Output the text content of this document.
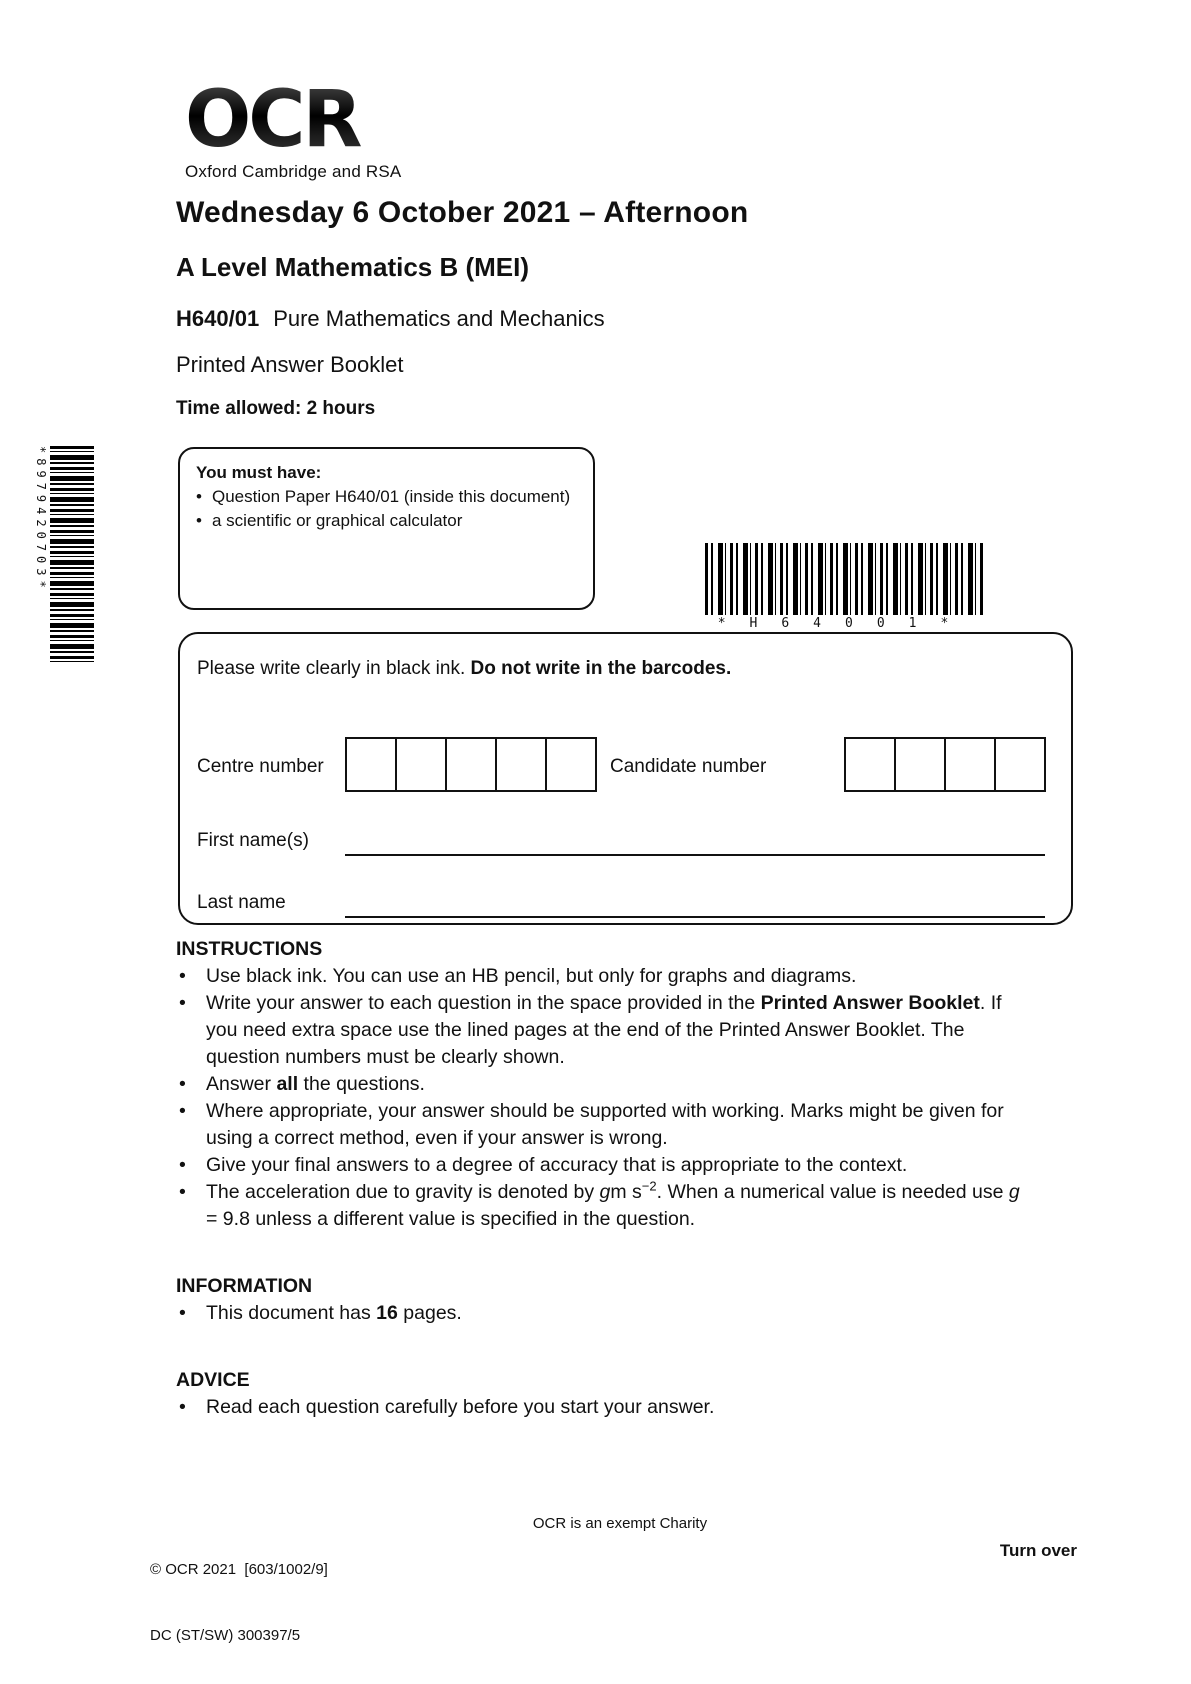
OCR
Oxford Cambridge and RSA
Wednesday 6 October 2021 – Afternoon
A Level Mathematics B (MEI)
H640/01 Pure Mathematics and Mechanics
Printed Answer Booklet
Time allowed: 2 hours
*8979420703*	You must have:
• Question Paper H640/01 (inside this document)
• a scientific or graphical calculator
*H64001*
Please write clearly in black ink. Do not write in the barcodes.
Centre number	Candidate number
First name(s)
Last name
INSTRUCTIONS
• Use black ink. You can use an HB pencil, but only for graphs and diagrams.
• Write your answer to each question in the space provided in the Printed Answer Booklet. If you need extra space use the lined pages at the end of the Printed Answer Booklet. The question numbers must be clearly shown.
• Answer all the questions.
• Where appropriate, your answer should be supported with working. Marks might be given for using a correct method, even if your answer is wrong.
• Give your final answers to a degree of accuracy that is appropriate to the context.
• The acceleration due to gravity is denoted by gm $s^{-2}$. When a numerical value is needed use g = 9.8 unless a different value is specified in the question.
INFORMATION
• This document has 16 pages.
ADVICE
• Read each question carefully before you start your answer.

© OCR 2021  [603/1002/9]

DC (ST/SW) 300397/5

OCR is an exempt Charity
Turn over
